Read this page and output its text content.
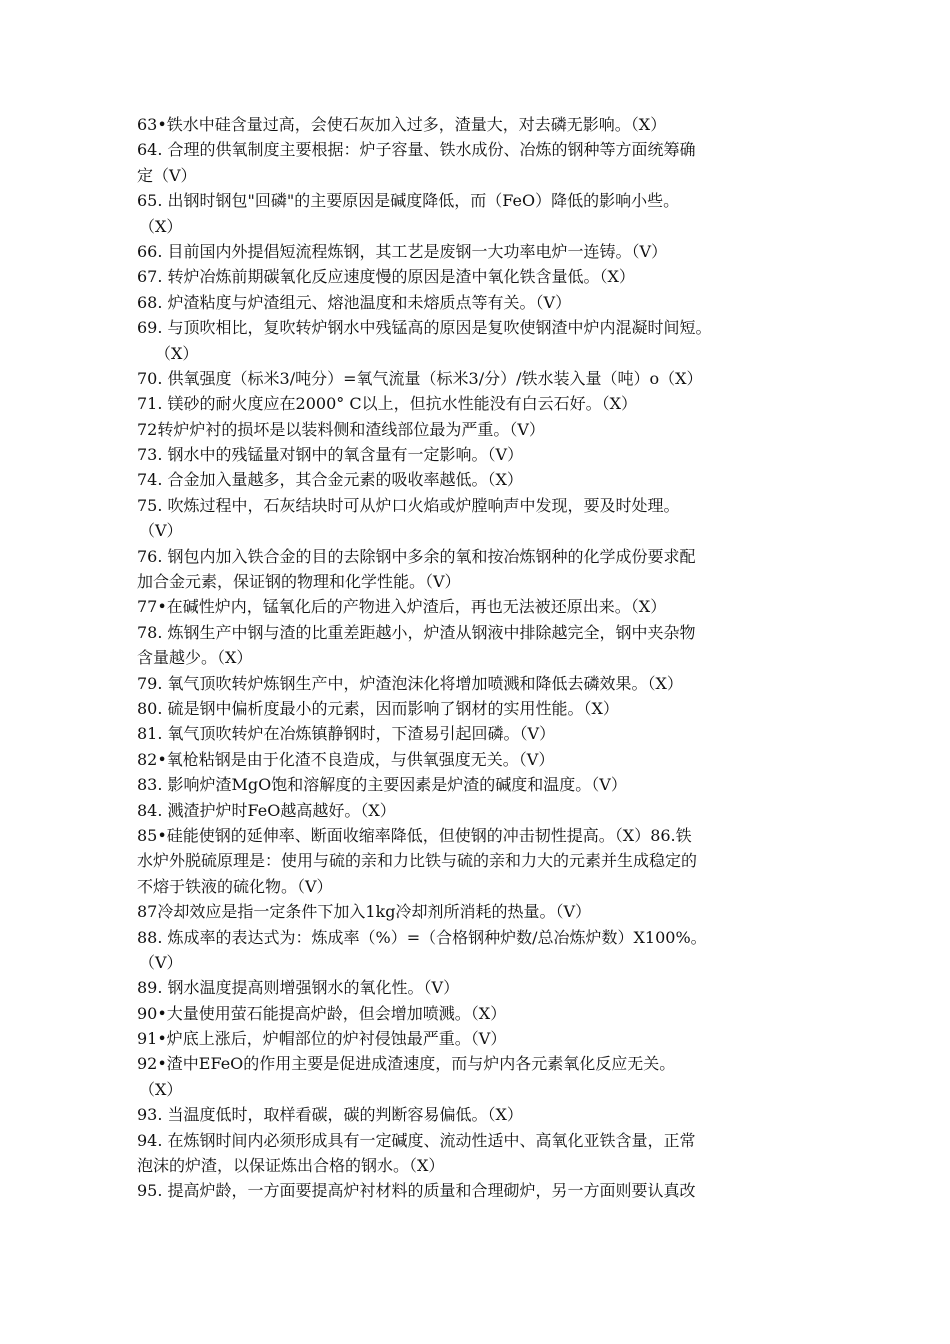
63•铁水中硅含量过高，会使石灰加入过多，渣量大，对去磷无影响。（X）
64. 合理的供氧制度主要根据：炉子容量、铁水成份、冶炼的钢种等方面统筹确
定（V）
65. 出钢时钢包"回磷"的主要原因是碱度降低，而（FeO）降低的影响小些。
（X）
66. 目前国内外提倡短流程炼钢，其工艺是废钢一大功率电炉一连铸。（V）
67. 转炉冶炼前期碳氧化反应速度慢的原因是渣中氧化铁含量低。（X）
68. 炉渣粘度与炉渣组元、熔池温度和未熔质点等有关。（V）
69. 与顶吹相比，复吹转炉钢水中残锰高的原因是复吹使钢渣中炉内混凝时间短。
（X）
70. 供氧强度（标米3/吨分）=氧气流量（标米3/分）/铁水装入量（吨）o（X）
71. 镁砂的耐火度应在2000° C以上，但抗水性能没有白云石好。（X）
72转炉炉衬的损坏是以装料侧和渣线部位最为严重。（V）
73. 钢水中的残锰量对钢中的氧含量有一定影响。（V）
74. 合金加入量越多，其合金元素的吸收率越低。（X）
75. 吹炼过程中，石灰结块时可从炉口火焰或炉膛响声中发现，要及时处理。
（V）
76. 钢包内加入铁合金的目的去除钢中多余的氧和按冶炼钢种的化学成份要求配
加合金元素，保证钢的物理和化学性能。（V）
77•在碱性炉内，锰氧化后的产物进入炉渣后，再也无法被还原出来。（X）
78. 炼钢生产中钢与渣的比重差距越小，炉渣从钢液中排除越完全，钢中夹杂物
含量越少。（X）
79. 氧气顶吹转炉炼钢生产中，炉渣泡沫化将增加喷溅和降低去磷效果。（X）
80. 硫是钢中偏析度最小的元素，因而影响了钢材的实用性能。（X）
81. 氧气顶吹转炉在冶炼镇静钢时，下渣易引起回磷。（V）
82•氧枪粘钢是由于化渣不良造成，与供氧强度无关。（V）
83. 影响炉渣MgO饱和溶解度的主要因素是炉渣的碱度和温度。（V）
84. 溅渣护炉时FeO越高越好。（X）
85•硅能使钢的延伸率、断面收缩率降低，但使钢的冲击韧性提高。（X）86.铁
水炉外脱硫原理是：使用与硫的亲和力比铁与硫的亲和力大的元素并生成稳定的
不熔于铁液的硫化物。（V）
87冷却效应是指一定条件下加入1kg冷却剂所消耗的热量。（V）
88. 炼成率的表达式为：炼成率（%）=（合格钢种炉数/总冶炼炉数）X100%。
（V）
89. 钢水温度提高则增强钢水的氧化性。（V）
90•大量使用萤石能提高炉龄，但会增加喷溅。（X）
91•炉底上涨后，炉帽部位的炉衬侵蚀最严重。（V）
92•渣中EFeO的作用主要是促进成渣速度，而与炉内各元素氧化反应无关。
（X）
93. 当温度低时，取样看碳，碳的判断容易偏低。（X）
94. 在炼钢时间内必须形成具有一定碱度、流动性适中、高氧化亚铁含量，正常
泡沫的炉渣，以保证炼出合格的钢水。（X）
95. 提高炉龄，一方面要提高炉衬材料的质量和合理砌炉，另一方面则要认真改
